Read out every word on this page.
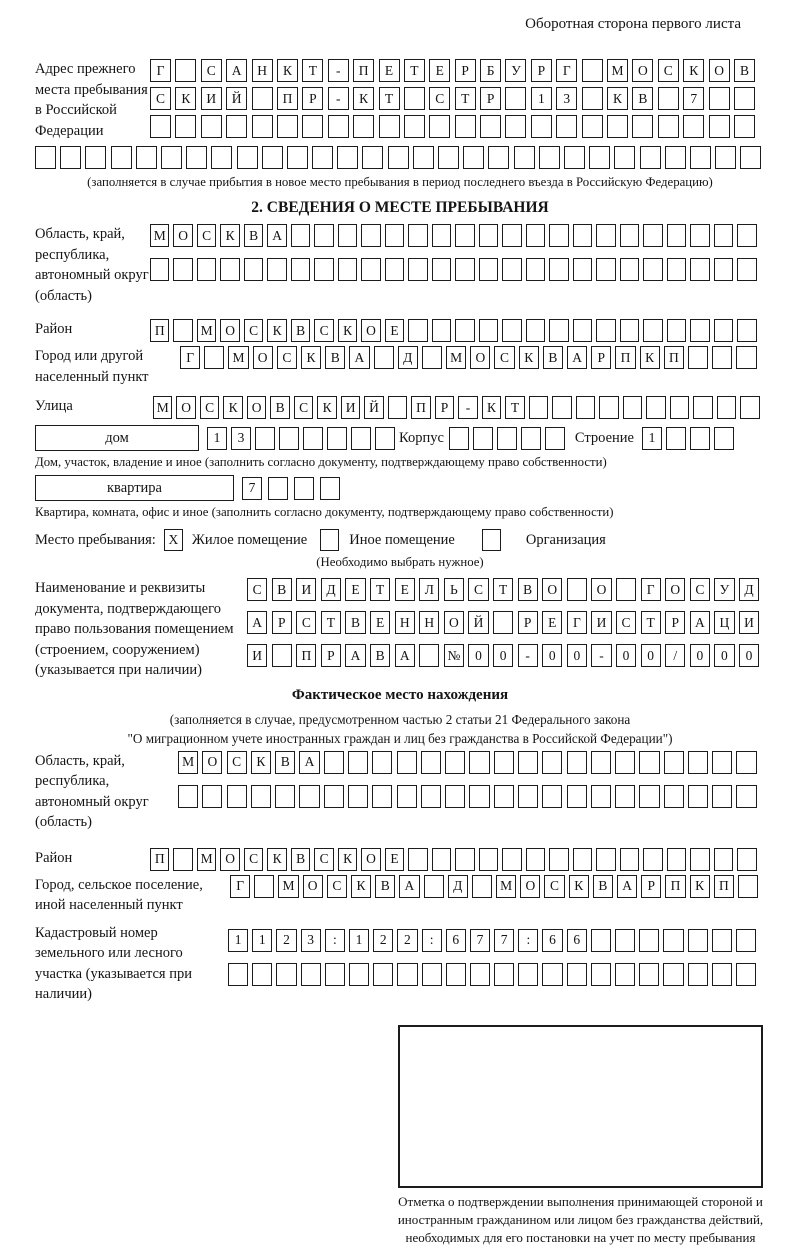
Оборотная сторона первого листа
Адрес прежнего места пребывания в Российской Федерации
Г	С	А	Н	К	Т	-	П	Е	Т	Е	Р	Б	У	Р	Г	М	О	С	К	О	В
С	К	И	Й	П	Р	-	К	Т	С	Т	Р	1	3	К	В	7
(заполняется в случае прибытия в новое место пребывания в период последнего въезда в Российскую Федерацию)
2. СВЕДЕНИЯ О МЕСТЕ ПРЕБЫВАНИЯ
Область, край, республика, автономный округ (область)
М О	С	К	В	А
Район	П	М О	С	К	В	С	К	О	Е
Город или другой населенный пункт
Г	М О	С	К	В	А	Д	М О	С	К	В	А	Р	П	К	П
Улица	М О	С	К	О	В	С	К	И	Й	П	Р	-	К	Т
дом	1	3	Корпус	Строение	1
Дом, участок, владение и иное (заполнить согласно документу, подтверждающему право собственности)
квартира	7
Квартира, комната, офис и иное (заполнить согласно документу, подтверждающему право собственности)
Место пребывания: X Жилое помещение	Иное помещение	Организация
(Необходимо выбрать нужное)
Наименование и реквизиты документа, подтверждающего право пользования помещением (строением, сооружением) (указывается при наличии)
С	В	И	Д	Е	Т	Е	Л	Ь	С	Т	В	О	О	Г	О	С	У	Д
А	Р	С	Т	В	Е	Н	Н	О	Й	Р	Е	Г	И	С	Т	Р	А	Ц	И
И	П	Р	А	В	А	№	0	0	-	0	0	-	0	0	/	0	0	0
Фактическое место нахождения
(заполняется в случае, предусмотренном частью 2 статьи 21 Федерального закона
"О миграционном учете иностранных граждан и лиц без гражданства в Российской Федерации")
Область, край, республика, автономный округ (область)
М О	С	К	В	А
Район	П	М О	С	К	В	С	К	О	Е
Город, сельское поселение, иной населенный пункт
Г	М О	С	К	В	А	Д	М О	С	К	В	А	Р	П	К	П
Кадастровый номер земельного или лесного участка (указывается при наличии)
1	1	2	3	:	1	2	2	:	6	7	7	:	6	6
Отметка о подтверждении выполнения принимающей стороной и иностранным гражданином или лицом без гражданства действий, необходимых для его постановки на учет по месту пребывания
